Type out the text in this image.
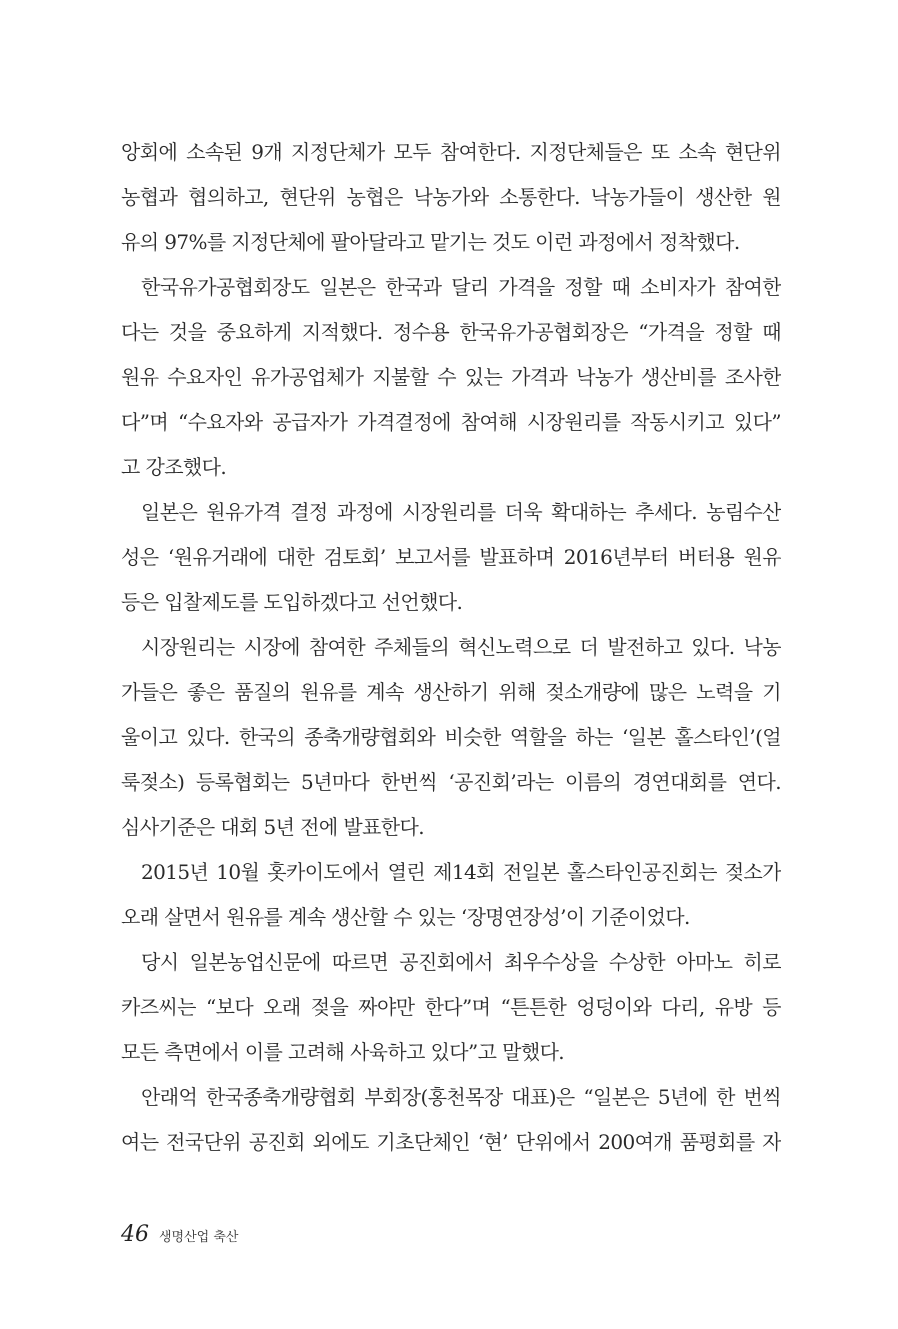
앙회에 소속된 9개 지정단체가 모두 참여한다. 지정단체들은 또 소속 현단위
농협과 협의하고, 현단위 농협은 낙농가와 소통한다. 낙농가들이 생산한 원
유의 97%를 지정단체에 팔아달라고 맡기는 것도 이런 과정에서 정착했다.
한국유가공협회장도 일본은 한국과 달리 가격을 정할 때 소비자가 참여한
다는 것을 중요하게 지적했다. 정수용 한국유가공협회장은 “가격을 정할 때
원유 수요자인 유가공업체가 지불할 수 있는 가격과 낙농가 생산비를 조사한
다”며 “수요자와 공급자가 가격결정에 참여해 시장원리를 작동시키고 있다”
고 강조했다.
일본은 원유가격 결정 과정에 시장원리를 더욱 확대하는 추세다. 농림수산
성은 ‘원유거래에 대한 검토회’ 보고서를 발표하며 2016년부터 버터용 원유
등은 입찰제도를 도입하겠다고 선언했다.
시장원리는 시장에 참여한 주체들의 혁신노력으로 더 발전하고 있다. 낙농
가들은 좋은 품질의 원유를 계속 생산하기 위해 젖소개량에 많은 노력을 기
울이고 있다. 한국의 종축개량협회와 비슷한 역할을 하는 ‘일본 홀스타인’(얼
룩젖소) 등록협회는 5년마다 한번씩 ‘공진회’라는 이름의 경연대회를 연다.
심사기준은 대회 5년 전에 발표한다.
2015년 10월 홋카이도에서 열린 제14회 전일본 홀스타인공진회는 젖소가
오래 살면서 원유를 계속 생산할 수 있는 ‘장명연장성’이 기준이었다.
당시 일본농업신문에 따르면 공진회에서 최우수상을 수상한 아마노 히로
카즈씨는 “보다 오래 젖을 짜야만 한다”며 “튼튼한 엉덩이와 다리, 유방 등
모든 측면에서 이를 고려해 사육하고 있다”고 말했다.
안래억 한국종축개량협회 부회장(홍천목장 대표)은 “일본은 5년에 한 번씩
여는 전국단위 공진회 외에도 기초단체인 ‘현’ 단위에서 200여개 품평회를 자
46 생명산업 축산
